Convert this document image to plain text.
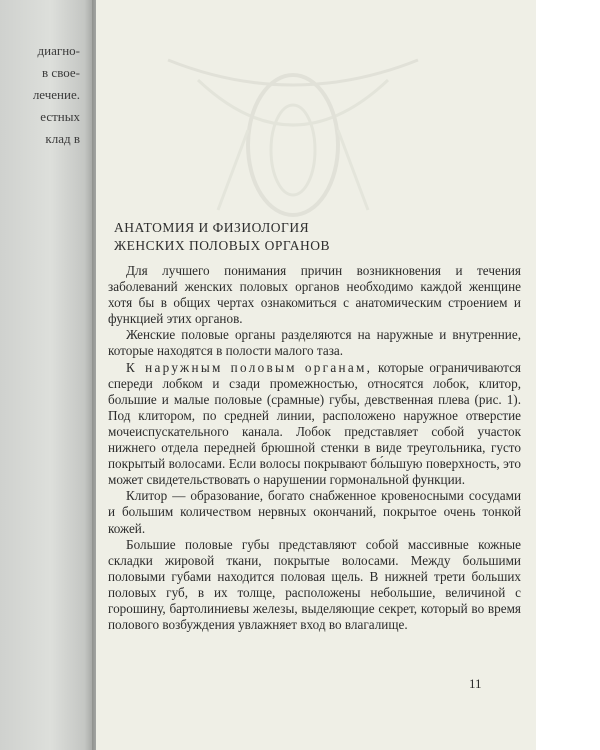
диагно-
в свое-
лечение.
естных
клад в
АНАТОМИЯ И ФИЗИОЛОГИЯ
ЖЕНСКИХ ПОЛОВЫХ ОРГАНОВ

Для лучшего понимания причин возникновения и течения заболеваний женских половых органов необходимо каждой женщине хотя бы в общих чертах ознакомиться с анатомическим строением и функцией этих органов.

Женские половые органы разделяются на наружные и внутренние, которые находятся в полости малого таза.

К наружным половым органам, которые ограничиваются спереди лобком и сзади промежностью, относятся лобок, клитор, большие и малые половые (срамные) губы, девственная плева (рис. 1). Под клитором, по средней линии, расположено наружное отверстие мочеиспускательного канала. Лобок представляет собой участок нижнего отдела передней брюшной стенки в виде треугольника, густо покрытый волосами. Если волосы покрывают бо́льшую поверхность, это может свидетельствовать о нарушении гормональной функции.

Клитор — образование, богато снабженное кровеносными сосудами и большим количеством нервных окончаний, покрытое очень тонкой кожей.

Большие половые губы представляют собой массивные кожные складки жировой ткани, покрытые волосами. Между большими половыми губами находится половая щель. В нижней трети больших половых губ, в их толще, расположены небольшие, величиной с горошину, бартолиниевы железы, выделяющие секрет, который во время полового возбуждения увлажняет вход во влагалище.

11
